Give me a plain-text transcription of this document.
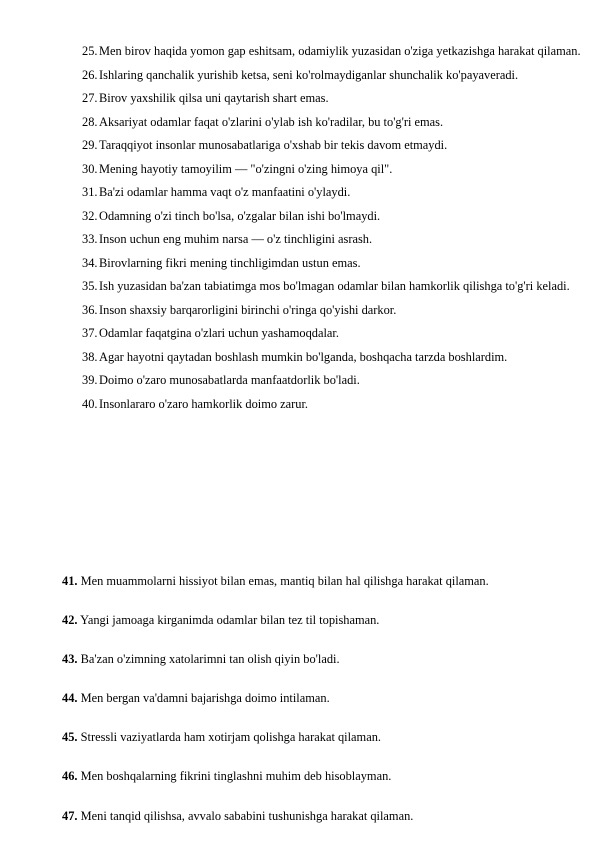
25. Men birov haqida yomon gap eshitsam, odamiylik yuzasidan o'ziga yetkazishga harakat qilaman.
26. Ishlaring qanchalik yurishib ketsa, seni ko'rolmaydiganlar shunchalik ko'payaveradi.
27. Birov yaxshilik qilsa uni qaytarish shart emas.
28. Aksariyat odamlar faqat o'zlarini o'ylab ish ko'radilar, bu to'g'ri emas.
29. Taraqqiyot insonlar munosabatlariga o'xshab bir tekis davom etmaydi.
30. Mening hayotiy tamoyilim — "o'zingni o'zing himoya qil".
31. Ba'zi odamlar hamma vaqt o'z manfaatini o'ylaydi.
32. Odamning o'zi tinch bo'lsa, o'zgalar bilan ishi bo'lmaydi.
33. Inson uchun eng muhim narsa — o'z tinchligini asrash.
34. Birovlarning fikri mening tinchligimdan ustun emas.
35. Ish yuzasidan ba'zan tabiatimga mos bo'lmagan odamlar bilan hamkorlik qilishga to'g'ri keladi.
36. Inson shaxsiy barqarorligini birinchi o'ringa qo'yishi darkor.
37. Odamlar faqatgina o'zlari uchun yashamoqdalar.
38. Agar hayotni qaytadan boshlash mumkin bo'lganda, boshqacha tarzda boshlardim.
39. Doimo o'zaro munosabatlarda manfaatdorlik bo'ladi.
40. Insonlararo o'zaro hamkorlik doimo zarur.
41. Men muammolarni hissiyot bilan emas, mantiq bilan hal qilishga harakat qilaman.
42. Yangi jamoaga kirganimda odamlar bilan tez til topishaman.
43. Ba'zan o'zimning xatolarimni tan olish qiyin bo'ladi.
44. Men bergan va'damni bajarishga doimo intilaman.
45. Stressli vaziyatlarda ham xotirjam qolishga harakat qilaman.
46. Men boshqalarning fikrini tinglashni muhim deb hisoblayman.
47. Meni tanqid qilishsa, avvalo sababini tushunishga harakat qilaman.
